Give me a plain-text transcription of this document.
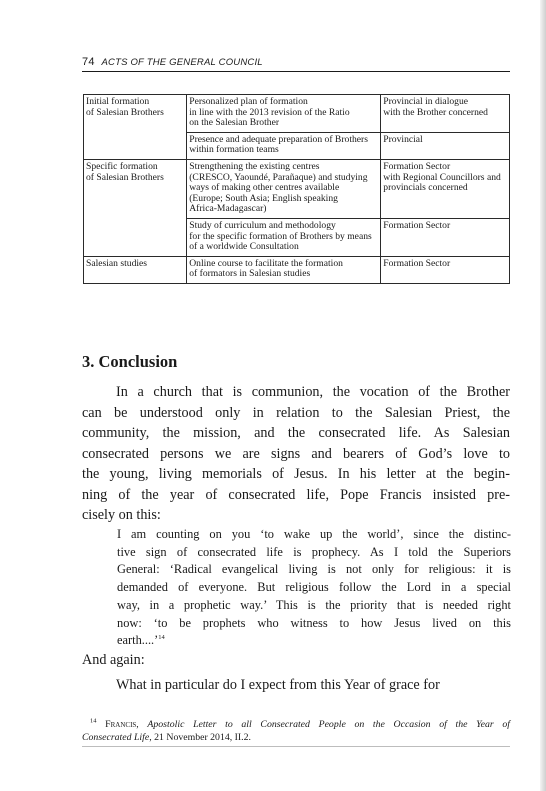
74 ACTS OF THE GENERAL COUNCIL
Initial formation
of Salesian Brothers	Personalized plan of formation
in line with the 2013 revision of the Ratio
on the Salesian Brother	Provincial in dialogue
with the Brother concerned

	Presence and adequate preparation of Brothers
within formation teams	Provincial

Specific formation
of Salesian Brothers	Strengthening the existing centres
(CRESCO, Yaoundé, Parañaque) and studying
ways of making other centres available
(Europe; South Asia; English speaking
Africa-Madagascar)	Formation Sector
with Regional Councillors and
provincials concerned

	Study of curriculum and methodology
for the specific formation of Brothers by means
of a worldwide Consultation	Formation Sector

Salesian studies	Online course to facilitate the formation
of formators in Salesian studies	Formation Sector
3. Conclusion

In a church that is communion, the vocation of the Brother
can be understood only in relation to the Salesian Priest, the
community, the mission, and the consecrated life. As Salesian
consecrated persons we are signs and bearers of God’s love to
the young, living memorials of Jesus. In his letter at the begin-
ning of the year of consecrated life, Pope Francis insisted pre-
cisely on this:

I am counting on you ‘to wake up the world’, since the distinc-
tive sign of consecrated life is prophecy. As I told the Superiors
General: ‘Radical evangelical living is not only for religious: it is
demanded of everyone. But religious follow the Lord in a special
way, in a prophetic way.’ This is the priority that is needed right
now: ‘to be prophets who witness to how Jesus lived on this
earth....’$^{14}$

And again:

What in particular do I expect from this Year of grace for

$^{14}$ Francis, Apostolic Letter to all Consecrated People on the Occasion of the Year of
Consecrated Life, 21 November 2014, II.2.
